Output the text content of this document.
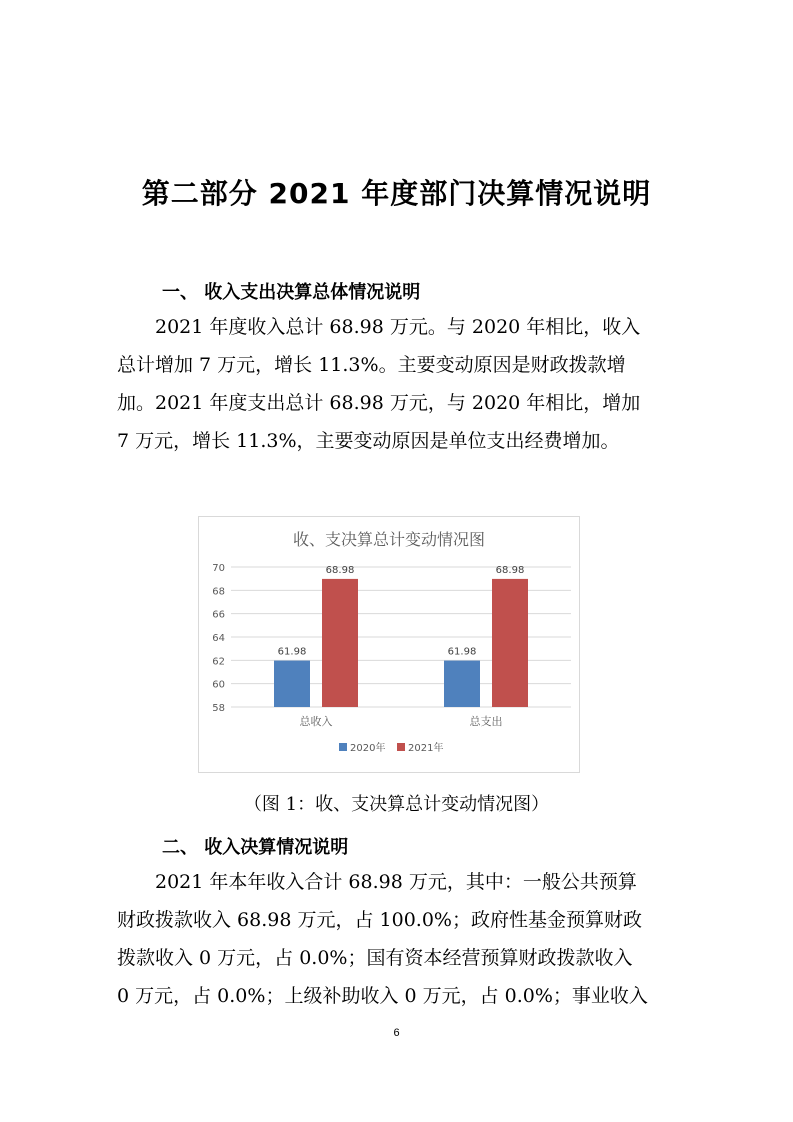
第二部分 2021 年度部门决算情况说明
一、 收入支出决算总体情况说明
　　2021 年度收入总计 68.98 万元。与 2020 年相比，收入
总计增加 7 万元，增长 11.3%。主要变动原因是财政拨款增
加。2021 年度支出总计 68.98 万元，与 2020 年相比，增加
7 万元，增长 11.3%，主要变动原因是单位支出经费增加。
收、支决算总计变动情况图
58
60
62
64
66
68
70
61.98
68.98
总收入
61.98
68.98
总支出
2020年 2021年
（图 1：收、支决算总计变动情况图）
二、 收入决算情况说明
　　2021 年本年收入合计 68.98 万元，其中：一般公共预算
财政拨款收入 68.98 万元，占 100.0%；政府性基金预算财政
拨款收入 0 万元，占 0.0%；国有资本经营预算财政拨款收入
0 万元，占 0.0%；上级补助收入 0 万元，占 0.0%；事业收入
6
